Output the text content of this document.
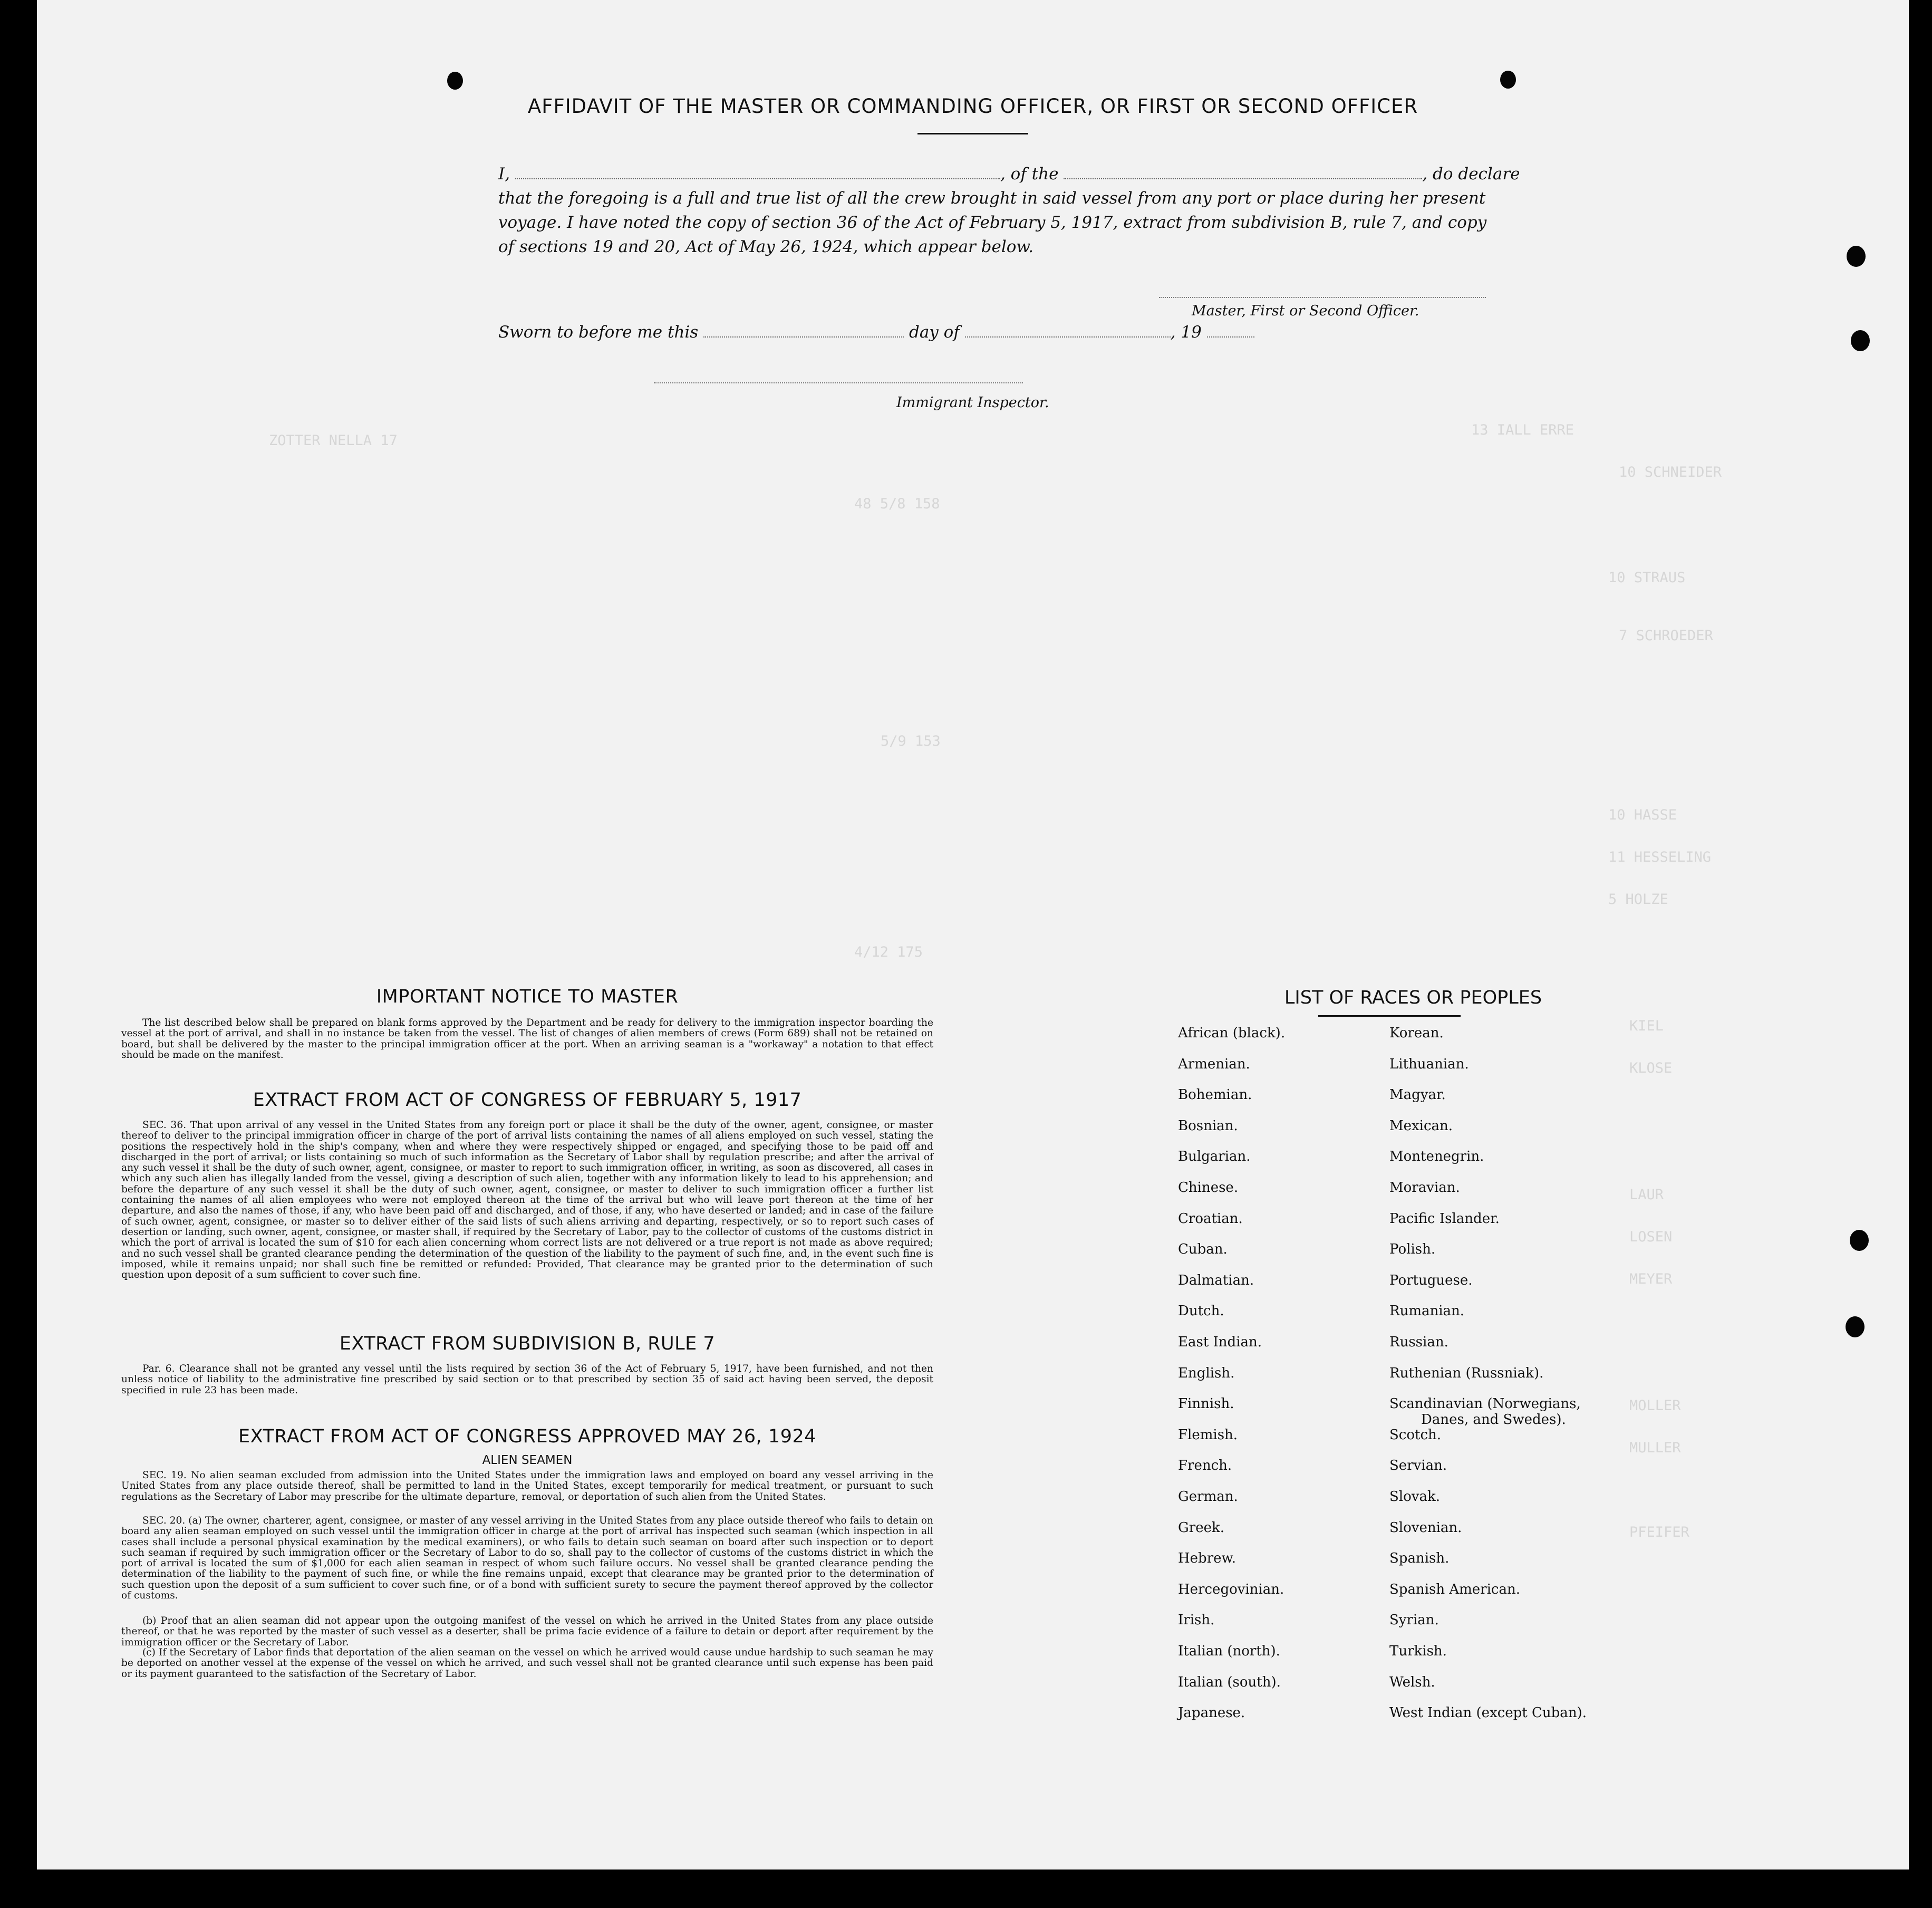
ZOTTER NELLA 17
48 5/8 158
13 IALL ERRE
10 SCHNEIDER
10 STRAUS
7 SCHROEDER
10 HASSE
11 HESSELING
5 HOLZE
KIEL
KLOSE
LAUR
LOSEN
MEYER
MOLLER
MULLER
PFEIFER
5/9 153
4/12 175
AFFIDAVIT OF THE MASTER OR COMMANDING OFFICER, OR FIRST OR SECOND OFFICER
I,	, of the	, do declare
that the foregoing is a full and true list of all the crew brought in said vessel from any port or place during her present
voyage. I have noted the copy of section 36 of the Act of February 5, 1917, extract from subdivision B, rule 7, and copy
of sections 19 and 20, Act of May 26, 1924, which appear below.
Master, First or Second Officer.
Sworn to before me this	day of	, 19
Immigrant Inspector.
IMPORTANT NOTICE TO MASTER
The list described below shall be prepared on blank forms approved by the Department and be ready for delivery to the immigration inspector boarding the vessel at the port of arrival, and shall in no instance be taken from the vessel. The list of changes of alien members of crews (Form 689) shall not be retained on board, but shall be delivered by the master to the principal immigration officer at the port. When an arriving seaman is a "workaway" a notation to that effect should be made on the manifest.
EXTRACT FROM ACT OF CONGRESS OF FEBRUARY 5, 1917
SEC. 36. That upon arrival of any vessel in the United States from any foreign port or place it shall be the duty of the owner, agent, consignee, or master thereof to deliver to the principal immigration officer in charge of the port of arrival lists containing the names of all aliens employed on such vessel, stating the positions the respectively hold in the ship's company, when and where they were respectively shipped or engaged, and specifying those to be paid off and discharged in the port of arrival; or lists containing so much of such information as the Secretary of Labor shall by regulation prescribe; and after the arrival of any such vessel it shall be the duty of such owner, agent, consignee, or master to report to such immigration officer, in writing, as soon as discovered, all cases in which any such alien has illegally landed from the vessel, giving a description of such alien, together with any information likely to lead to his apprehension; and before the departure of any such vessel it shall be the duty of such owner, agent, consignee, or master to deliver to such immigration officer a further list containing the names of all alien employees who were not employed thereon at the time of the arrival but who will leave port thereon at the time of her departure, and also the names of those, if any, who have been paid off and discharged, and of those, if any, who have deserted or landed; and in case of the failure of such owner, agent, consignee, or master so to deliver either of the said lists of such aliens arriving and departing, respectively, or so to report such cases of desertion or landing, such owner, agent, consignee, or master shall, if required by the Secretary of Labor, pay to the collector of customs of the customs district in which the port of arrival is located the sum of $10 for each alien concerning whom correct lists are not delivered or a true report is not made as above required; and no such vessel shall be granted clearance pending the determination of the question of the liability to the payment of such fine, and, in the event such fine is imposed, while it remains unpaid; nor shall such fine be remitted or refunded: Provided, That clearance may be granted prior to the determination of such question upon deposit of a sum sufficient to cover such fine.
EXTRACT FROM SUBDIVISION B, RULE 7
Par. 6. Clearance shall not be granted any vessel until the lists required by section 36 of the Act of February 5, 1917, have been furnished, and not then unless notice of liability to the administrative fine prescribed by said section or to that prescribed by section 35 of said act having been served, the deposit specified in rule 23 has been made.
EXTRACT FROM ACT OF CONGRESS APPROVED MAY 26, 1924
ALIEN SEAMEN
SEC. 19. No alien seaman excluded from admission into the United States under the immigration laws and employed on board any vessel arriving in the United States from any place outside thereof, shall be permitted to land in the United States, except temporarily for medical treatment, or pursuant to such regulations as the Secretary of Labor may prescribe for the ultimate departure, removal, or deportation of such alien from the United States.
SEC. 20. (a) The owner, charterer, agent, consignee, or master of any vessel arriving in the United States from any place outside thereof who fails to detain on board any alien seaman employed on such vessel until the immigration officer in charge at the port of arrival has inspected such seaman (which inspection in all cases shall include a personal physical examination by the medical examiners), or who fails to detain such seaman on board after such inspection or to deport such seaman if required by such immigration officer or the Secretary of Labor to do so, shall pay to the collector of customs of the customs district in which the port of arrival is located the sum of $1,000 for each alien seaman in respect of whom such failure occurs. No vessel shall be granted clearance pending the determination of the liability to the payment of such fine, or while the fine remains unpaid, except that clearance may be granted prior to the determination of such question upon the deposit of a sum sufficient to cover such fine, or of a bond with sufficient surety to secure the payment thereof approved by the collector of customs.
(b) Proof that an alien seaman did not appear upon the outgoing manifest of the vessel on which he arrived in the United States from any place outside thereof, or that he was reported by the master of such vessel as a deserter, shall be prima facie evidence of a failure to detain or deport after requirement by the immigration officer or the Secretary of Labor.
(c) If the Secretary of Labor finds that deportation of the alien seaman on the vessel on which he arrived would cause undue hardship to such seaman he may be deported on another vessel at the expense of the vessel on which he arrived, and such vessel shall not be granted clearance until such expense has been paid or its payment guaranteed to the satisfaction of the Secretary of Labor.
LIST OF RACES OR PEOPLES
African (black).
Armenian.
Bohemian.
Bosnian.
Bulgarian.
Chinese.
Croatian.
Cuban.
Dalmatian.
Dutch.
East Indian.
English.
Finnish.
Flemish.
French.
German.
Greek.
Hebrew.
Hercegovinian.
Irish.
Italian (north).
Italian (south).
Japanese.
Korean.
Lithuanian.
Magyar.
Mexican.
Montenegrin.
Moravian.
Pacific Islander.
Polish.
Portuguese.
Rumanian.
Russian.
Ruthenian (Russniak).
Scandinavian (Norwegians,
Danes, and Swedes).
Scotch.
Servian.
Slovak.
Slovenian.
Spanish.
Spanish American.
Syrian.
Turkish.
Welsh.
West Indian (except Cuban).
